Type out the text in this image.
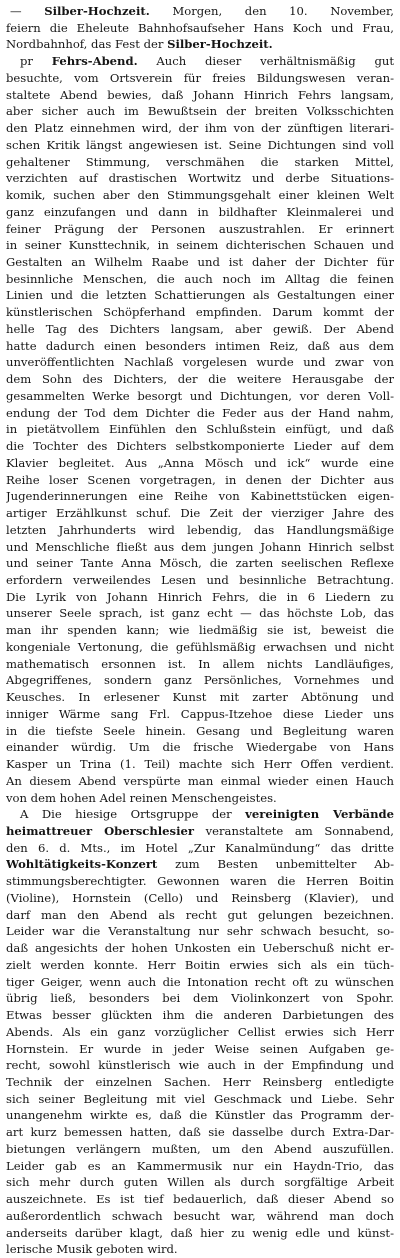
— Silber-Hochzeit. Morgen, den 10. November,
feiern die Eheleute Bahnhofsaufseher Hans Koch und Frau,
Nordbahnhof, das Fest der Silber-Hochzeit.
pr Fehrs-Abend. Auch dieser verhältnismäßig gut
besuchte, vom Ortsverein für freies Bildungswesen veran-
staltete Abend bewies, daß Johann Hinrich Fehrs langsam,
aber sicher auch im Bewußtsein der breiten Volksschichten
den Platz einnehmen wird, der ihm von der zünftigen literari-
schen Kritik längst angewiesen ist. Seine Dichtungen sind voll
gehaltener Stimmung, verschmähen die starken Mittel,
verzichten auf drastischen Wortwitz und derbe Situations-
komik, suchen aber den Stimmungsgehalt einer kleinen Welt
ganz einzufangen und dann in bildhafter Kleinmalerei und
feiner Prägung der Personen auszustrahlen. Er erinnert
in seiner Kunsttechnik, in seinem dichterischen Schauen und
Gestalten an Wilhelm Raabe und ist daher der Dichter für
besinnliche Menschen, die auch noch im Alltag die feinen
Linien und die letzten Schattierungen als Gestaltungen einer
künstlerischen Schöpferhand empfinden. Darum kommt der
helle Tag des Dichters langsam, aber gewiß. Der Abend
hatte dadurch einen besonders intimen Reiz, daß aus dem
unveröffentlichten Nachlaß vorgelesen wurde und zwar von
dem Sohn des Dichters, der die weitere Herausgabe der
gesammelten Werke besorgt und Dichtungen, vor deren Voll-
endung der Tod dem Dichter die Feder aus der Hand nahm,
in pietätvollem Einfühlen den Schlußstein einfügt, und daß
die Tochter des Dichters selbstkomponierte Lieder auf dem
Klavier begleitet. Aus „Anna Mösch und ick“ wurde eine
Reihe loser Scenen vorgetragen, in denen der Dichter aus
Jugenderinnerungen eine Reihe von Kabinettstücken eigen-
artiger Erzählkunst schuf. Die Zeit der vierziger Jahre des
letzten Jahrhunderts wird lebendig, das Handlungsmäßige
und Menschliche fließt aus dem jungen Johann Hinrich selbst
und seiner Tante Anna Mösch, die zarten seelischen Reflexe
erfordern verweilendes Lesen und besinnliche Betrachtung.
Die Lyrik von Johann Hinrich Fehrs, die in 6 Liedern zu
unserer Seele sprach, ist ganz echt — das höchste Lob, das
man ihr spenden kann; wie liedmäßig sie ist, beweist die
kongeniale Vertonung, die gefühlsmäßig erwachsen und nicht
mathematisch ersonnen ist. In allem nichts Landläufiges,
Abgegriffenes, sondern ganz Persönliches, Vornehmes und
Keusches. In erlesener Kunst mit zarter Abtönung und
inniger Wärme sang Frl. Cappus-Itzehoe diese Lieder uns
in die tiefste Seele hinein. Gesang und Begleitung waren
einander würdig. Um die frische Wiedergabe von Hans
Kasper un Trina (1. Teil) machte sich Herr Offen verdient.
An diesem Abend verspürte man einmal wieder einen Hauch
von dem hohen Adel reinen Menschengeistes.
A Die hiesige Ortsgruppe der vereinigten Verbände
heimattreuer Oberschlesier veranstaltete am Sonnabend,
den 6. d. Mts., im Hotel „Zur Kanalmündung“ das dritte
Wohltätigkeits-Konzert zum Besten unbemittelter Ab-
stimmungsberechtigter. Gewonnen waren die Herren Boitin
(Violine), Hornstein (Cello) und Reinsberg (Klavier), und
darf man den Abend als recht gut gelungen bezeichnen.
Leider war die Veranstaltung nur sehr schwach besucht, so-
daß angesichts der hohen Unkosten ein Ueberschuß nicht er-
zielt werden konnte. Herr Boitin erwies sich als ein tüch-
tiger Geiger, wenn auch die Intonation recht oft zu wünschen
übrig ließ, besonders bei dem Violinkonzert von Spohr.
Etwas besser glückten ihm die anderen Darbietungen des
Abends. Als ein ganz vorzüglicher Cellist erwies sich Herr
Hornstein. Er wurde in jeder Weise seinen Aufgaben ge-
recht, sowohl künstlerisch wie auch in der Empfindung und
Technik der einzelnen Sachen. Herr Reinsberg entledigte
sich seiner Begleitung mit viel Geschmack und Liebe. Sehr
unangenehm wirkte es, daß die Künstler das Programm der-
art kurz bemessen hatten, daß sie dasselbe durch Extra-Dar-
bietungen verlängern mußten, um den Abend auszufüllen.
Leider gab es an Kammermusik nur ein Haydn-Trio, das
sich mehr durch guten Willen als durch sorgfältige Arbeit
auszeichnete. Es ist tief bedauerlich, daß dieser Abend so
außerordentlich schwach besucht war, während man doch
anderseits darüber klagt, daß hier zu wenig edle und künst-
lerische Musik geboten wird.
